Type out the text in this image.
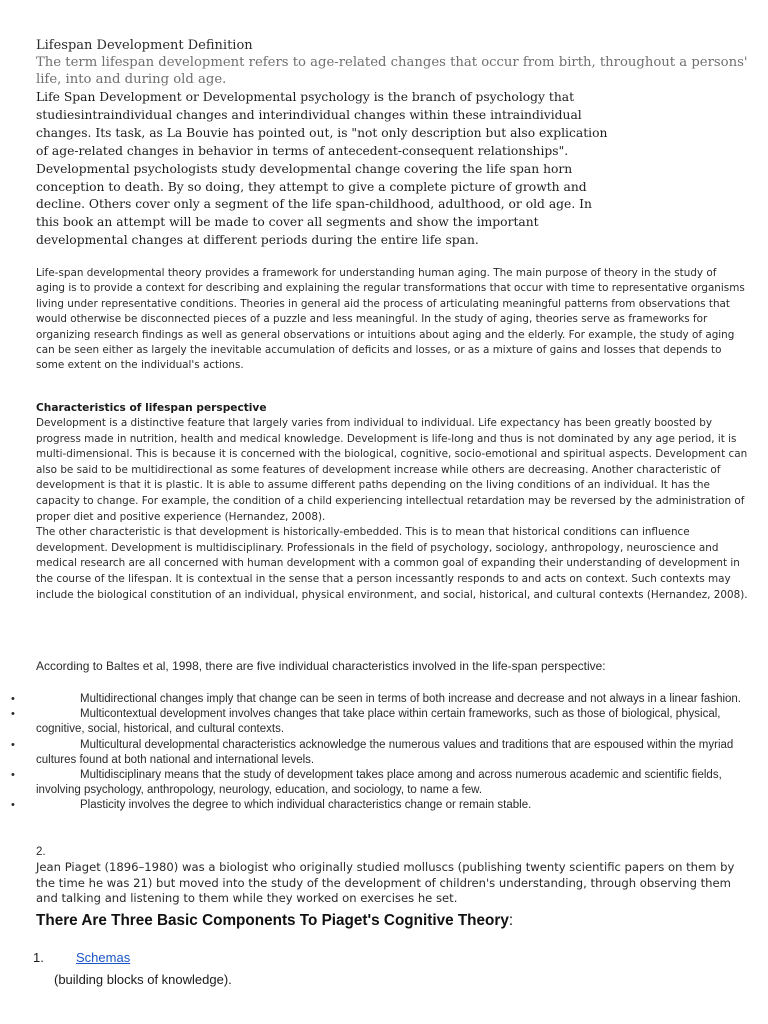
Lifespan Development Definition
The term lifespan development refers to age-related changes that occur from birth, throughout a persons' life, into and during old age.
Life Span Development or Developmental psychology is the branch of psychology that studiesintraindividual changes and interindividual changes within these intraindividual changes. Its task, as La Bouvie has pointed out, is "not only description but also explication of age-related changes in behavior in terms of antecedent-consequent relationships". Developmental psychologists study developmental change covering the life span horn conception to death. By so doing, they attempt to give a complete picture of growth and decline. Others cover only a segment of the life span-childhood, adulthood, or old age. In this book an attempt will be made to cover all segments and show the important developmental changes at different periods during the entire life span.
Life-span developmental theory provides a framework for understanding human aging. The main purpose of theory in the study of aging is to provide a context for describing and explaining the regular transformations that occur with time to representative organisms living under representative conditions. Theories in general aid the process of articulating meaningful patterns from observations that would otherwise be disconnected pieces of a puzzle and less meaningful. In the study of aging, theories serve as frameworks for organizing research findings as well as general observations or intuitions about aging and the elderly. For example, the study of aging can be seen either as largely the inevitable accumulation of deficits and losses, or as a mixture of gains and losses that depends to some extent on the individual's actions.
Characteristics of lifespan perspective
Development is a distinctive feature that largely varies from individual to individual. Life expectancy has been greatly boosted by progress made in nutrition, health and medical knowledge. Development is life-long and thus is not dominated by any age period, it is multi-dimensional. This is because it is concerned with the biological, cognitive, socio-emotional and spiritual aspects. Development can also be said to be multidirectional as some features of development increase while others are decreasing. Another characteristic of development is that it is plastic. It is able to assume different paths depending on the living conditions of an individual. It has the capacity to change. For example, the condition of a child experiencing intellectual retardation may be reversed by the administration of proper diet and positive experience (Hernandez, 2008).
The other characteristic is that development is historically-embedded. This is to mean that historical conditions can influence development. Development is multidisciplinary. Professionals in the field of psychology, sociology, anthropology, neuroscience and medical research are all concerned with human development with a common goal of expanding their understanding of development in the course of the lifespan. It is contextual in the sense that a person incessantly responds to and acts on context. Such contexts may include the biological constitution of an individual, physical environment, and social, historical, and cultural contexts (Hernandez, 2008).
According to Baltes et al, 1998, there are five individual characteristics involved in the life-span perspective:
•	Multidirectional changes imply that change can be seen in terms of both increase and decrease and not always in a linear fashion.
•	Multicontextual development involves changes that take place within certain frameworks, such as those of biological, physical, cognitive, social, historical, and cultural contexts.
•	Multicultural developmental characteristics acknowledge the numerous values and traditions that are espoused within the myriad cultures found at both national and international levels.
•	Multidisciplinary means that the study of development takes place among and across numerous academic and scientific fields, involving psychology, anthropology, neurology, education, and sociology, to name a few.
•	Plasticity involves the degree to which individual characteristics change or remain stable.
2.
Jean Piaget (1896–1980) was a biologist who originally studied molluscs (publishing twenty scientific papers on them by the time he was 21) but moved into the study of the development of children's understanding, through observing them and talking and listening to them while they worked on exercises he set.
There Are Three Basic Components To Piaget's Cognitive Theory:
1. Schemas
(building blocks of knowledge).
